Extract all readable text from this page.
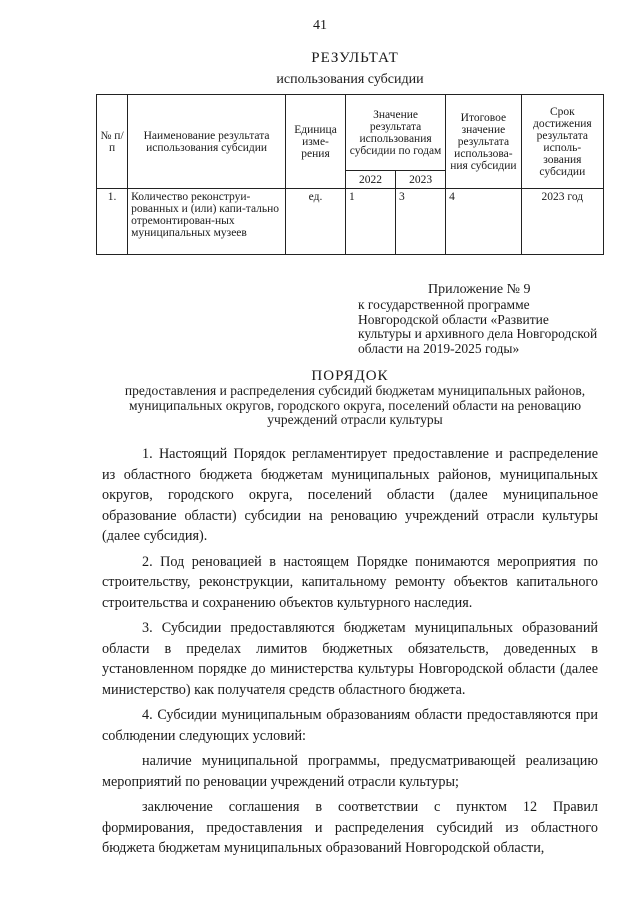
41
РЕЗУЛЬТАТ
использования субсидии
№ п/п	Наименование результата использования субсидии	Единица изме-рения	Значение результата использования субсидии по годам		Итоговое значение результата использова-ния субсидии	Срок достижения результата исполь-зования субсидии
			2022	2023		
1.	Количество реконструи-рованных и (или) капи-тально отремонтирован-ных муниципальных музеев	ед.	1	3	4	2023 год
Приложение № 9
к государственной программе Новгородской области «Развитие культуры и архивного дела Новгородской области на 2019-2025 годы»
ПОРЯДОК
предоставления и распределения субсидий бюджетам муниципальных районов, муниципальных округов, городского округа, поселений области на реновацию учреждений отрасли культуры

1. Настоящий Порядок регламентирует предоставление и распределение из областного бюджета бюджетам муниципальных районов, муниципальных округов, городского округа, поселений области (далее муниципальное образование области) субсидии на реновацию учреждений отрасли культуры (далее субсидия).

2. Под реновацией в настоящем Порядке понимаются мероприятия по строительству, реконструкции, капитальному ремонту объектов капитального строительства и сохранению объектов культурного наследия.

3. Субсидии предоставляются бюджетам муниципальных образований области в пределах лимитов бюджетных обязательств, доведенных в установленном порядке до министерства культуры Новгородской области (далее министерство) как получателя средств областного бюджета.

4. Субсидии муниципальным образованиям области предоставляются при соблюдении следующих условий:

наличие муниципальной программы, предусматривающей реализацию мероприятий по реновации учреждений отрасли культуры;

заключение соглашения в соответствии с пунктом 12 Правил формирования, предоставления и распределения субсидий из областного бюджета бюджетам муниципальных образований Новгородской области,
